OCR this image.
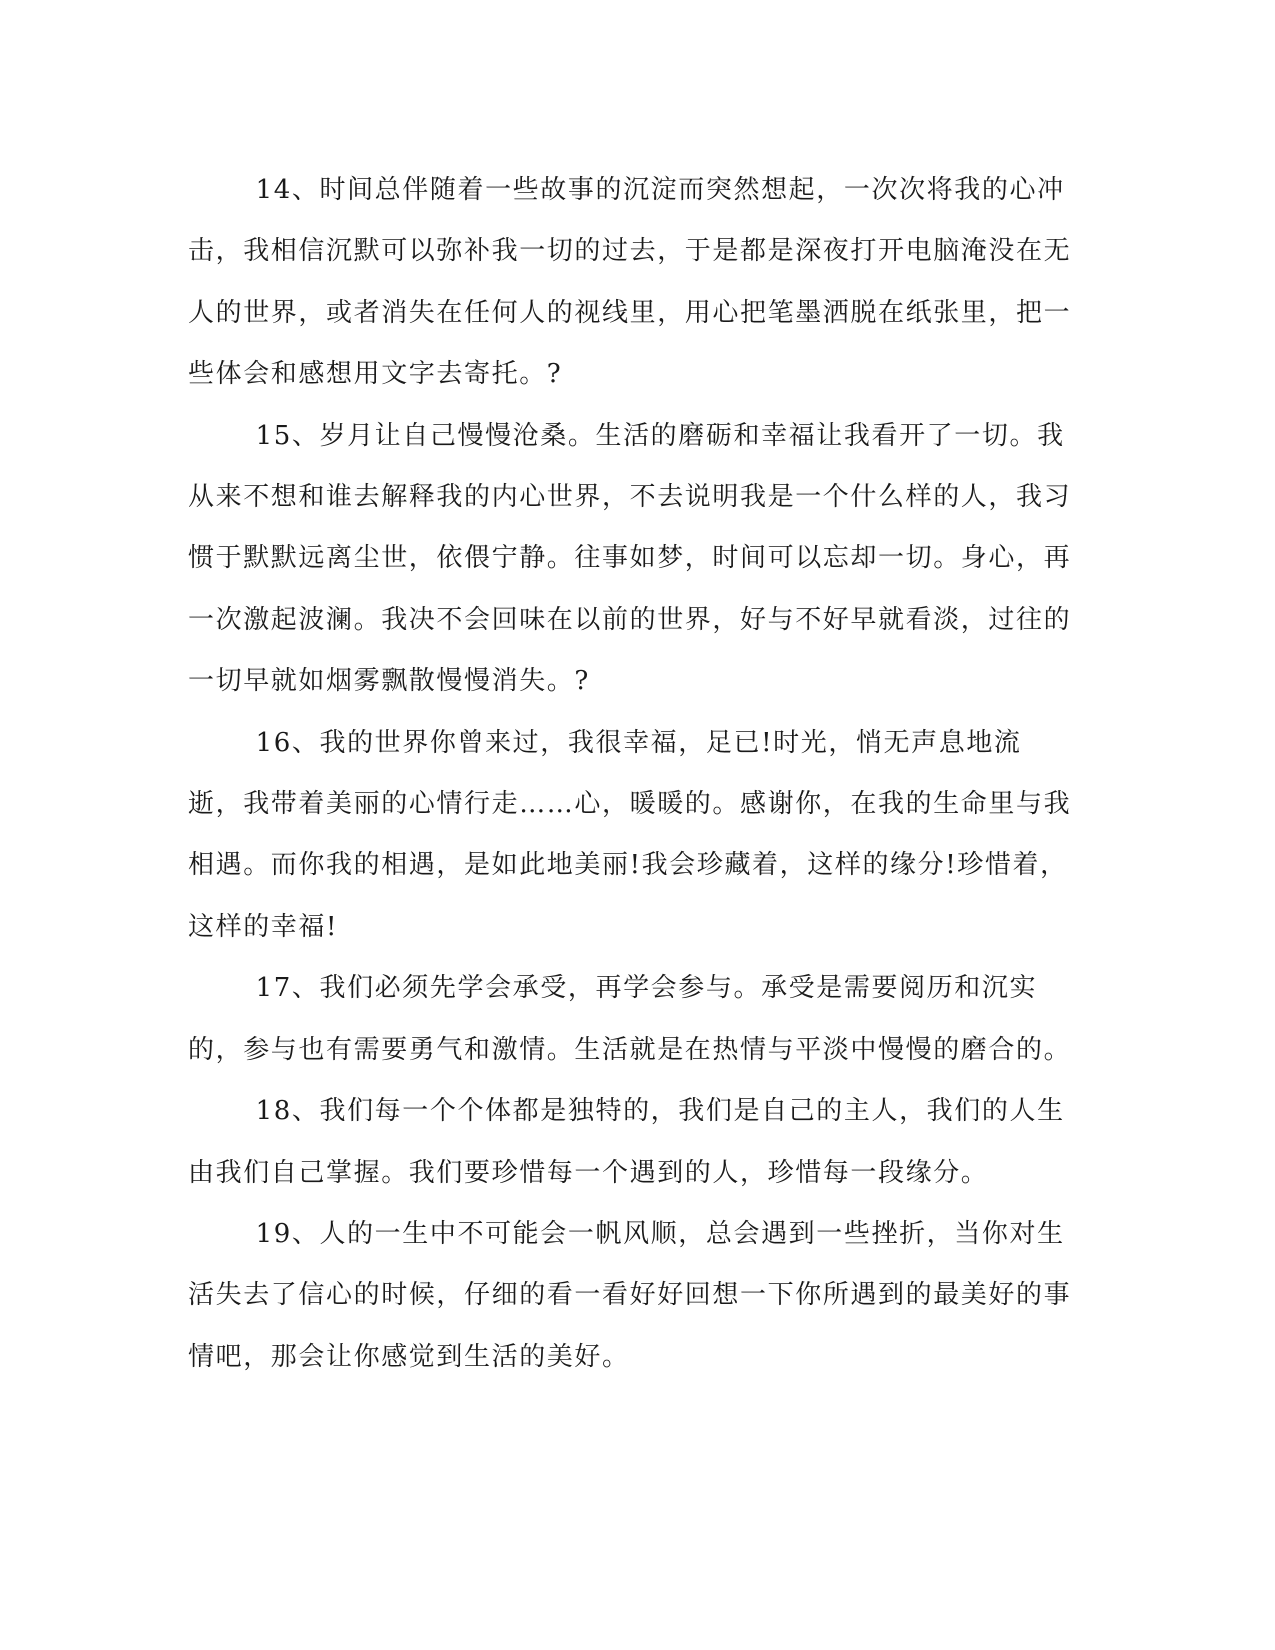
14、时间总伴随着一些故事的沉淀而突然想起，一次次将我的心冲击，我相信沉默可以弥补我一切的过去，于是都是深夜打开电脑淹没在无人的世界，或者消失在任何人的视线里，用心把笔墨洒脱在纸张里，把一些体会和感想用文字去寄托。?

15、岁月让自己慢慢沧桑。生活的磨砺和幸福让我看开了一切。我从来不想和谁去解释我的内心世界，不去说明我是一个什么样的人，我习惯于默默远离尘世，依偎宁静。往事如梦，时间可以忘却一切。身心，再一次激起波澜。我决不会回味在以前的世界，好与不好早就看淡，过往的一切早就如烟雾飘散慢慢消失。?

16、我的世界你曾来过，我很幸福，足已!时光，悄无声息地流逝，我带着美丽的心情行走……心，暖暖的。感谢你，在我的生命里与我相遇。而你我的相遇，是如此地美丽!我会珍藏着，这样的缘分!珍惜着，这样的幸福!

17、我们必须先学会承受，再学会参与。承受是需要阅历和沉实的，参与也有需要勇气和激情。生活就是在热情与平淡中慢慢的磨合的。

18、我们每一个个体都是独特的，我们是自己的主人，我们的人生由我们自己掌握。我们要珍惜每一个遇到的人，珍惜每一段缘分。

19、人的一生中不可能会一帆风顺，总会遇到一些挫折，当你对生活失去了信心的时候，仔细的看一看好好回想一下你所遇到的最美好的事情吧，那会让你感觉到生活的美好。
